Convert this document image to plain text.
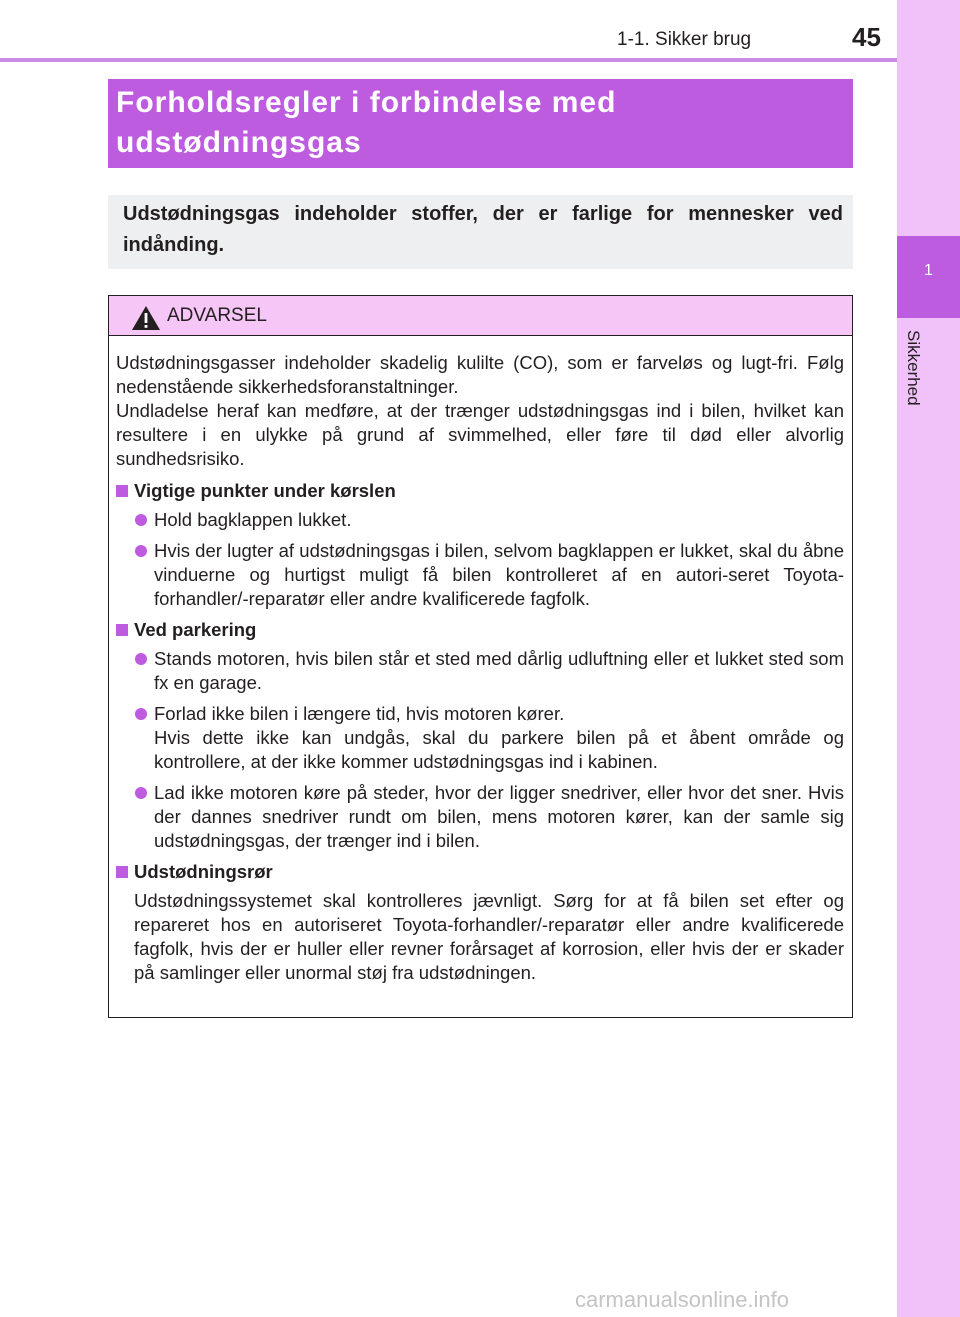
1-1. Sikker brug	45
1
Sikkerhed
Forholdsregler i forbindelse med
udstødningsgas

Udstødningsgas indeholder stoffer, der er farlige for mennesker ved indånding.

ADVARSEL

Udstødningsgasser indeholder skadelig kulilte (CO), som er farveløs og lugt-fri. Følg nedenstående sikkerhedsforanstaltninger.

Undladelse heraf kan medføre, at der trænger udstødningsgas ind i bilen, hvilket kan resultere i en ulykke på grund af svimmelhed, eller føre til død eller alvorlig sundhedsrisiko.

Vigtige punkter under kørslen

Hold bagklappen lukket.

Hvis der lugter af udstødningsgas i bilen, selvom bagklappen er lukket, skal du åbne vinduerne og hurtigst muligt få bilen kontrolleret af en autori-seret Toyota-forhandler/-reparatør eller andre kvalificerede fagfolk.

Ved parkering

Stands motoren, hvis bilen står et sted med dårlig udluftning eller et lukket sted som fx en garage.

Forlad ikke bilen i længere tid, hvis motoren kører.
Hvis dette ikke kan undgås, skal du parkere bilen på et åbent område og kontrollere, at der ikke kommer udstødningsgas ind i kabinen.

Lad ikke motoren køre på steder, hvor der ligger snedriver, eller hvor det sner. Hvis der dannes snedriver rundt om bilen, mens motoren kører, kan der samle sig udstødningsgas, der trænger ind i bilen.

Udstødningsrør

Udstødningssystemet skal kontrolleres jævnligt. Sørg for at få bilen set efter og repareret hos en autoriseret Toyota-forhandler/-reparatør eller andre kvalificerede fagfolk, hvis der er huller eller revner forårsaget af korrosion, eller hvis der er skader på samlinger eller unormal støj fra udstødningen.

carmanualsonline.info
